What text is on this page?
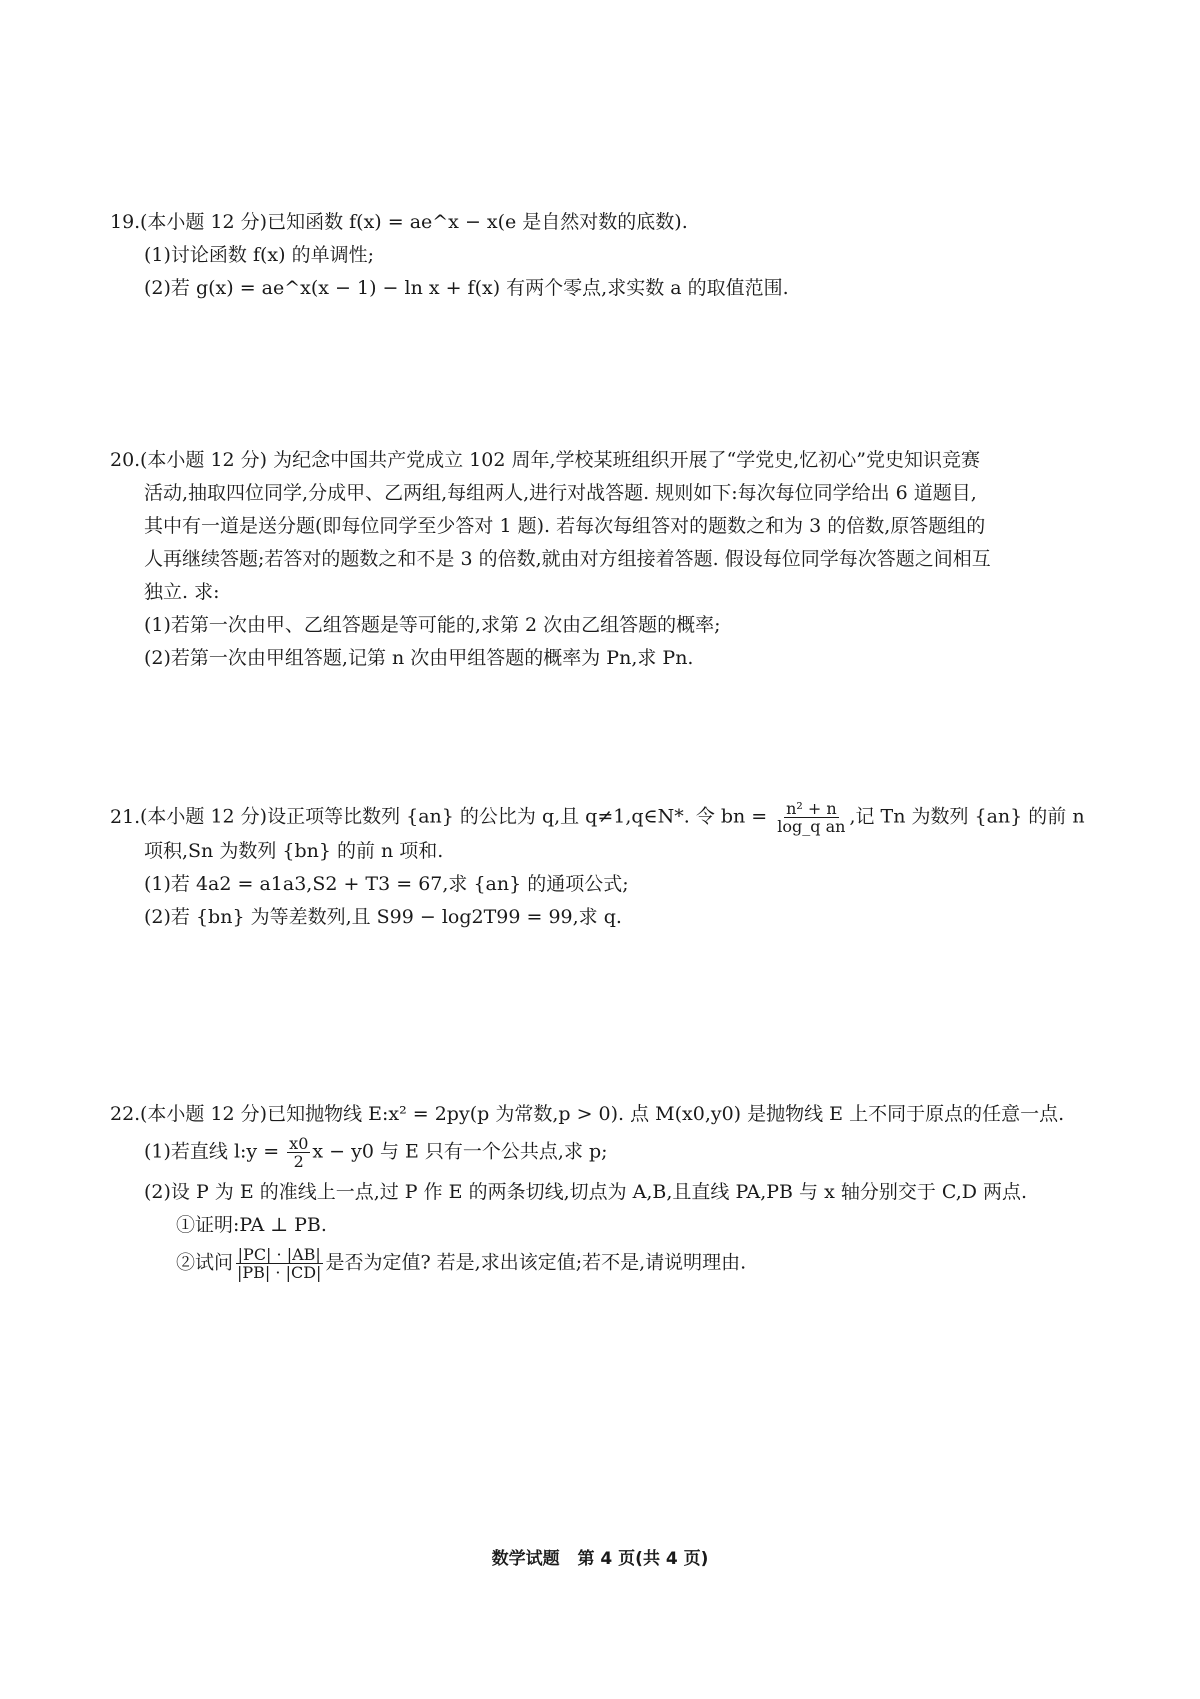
19.(本小题 12 分)已知函数 f(x) = ae^x − x(e 是自然对数的底数).

(1)讨论函数 f(x) 的单调性;

(2)若 g(x) = ae^x(x − 1) − ln x + f(x) 有两个零点,求实数 a 的取值范围.

20.(本小题 12 分) 为纪念中国共产党成立 102 周年,学校某班组织开展了“学党史,忆初心”党史知识竞赛

活动,抽取四位同学,分成甲、乙两组,每组两人,进行对战答题. 规则如下:每次每位同学给出 6 道题目,

其中有一道是送分题(即每位同学至少答对 1 题). 若每次每组答对的题数之和为 3 的倍数,原答题组的

人再继续答题;若答对的题数之和不是 3 的倍数,就由对方组接着答题. 假设每位同学每次答题之间相互

独立. 求:

(1)若第一次由甲、乙组答题是等可能的,求第 2 次由乙组答题的概率;

(2)若第一次由甲组答题,记第 n 次由甲组答题的概率为 Pn,求 Pn.

21.(本小题 12 分)设正项等比数列 {an} 的公比为 q,且 q≠1,q∈N*. 令 bn = $\frac{\text{n² + n}}{\text{log\_q an}}$ ,记 Tn 为数列 {an} 的前 n

项积,Sn 为数列 {bn} 的前 n 项和.

(1)若 4a2 = a1a3,S2 + T3 = 67,求 {an} 的通项公式;

(2)若 {bn} 为等差数列,且 S99 − log2T99 = 99,求 q.

22.(本小题 12 分)已知抛物线 E:x² = 2py(p 为常数,p > 0). 点 M(x0,y0) 是抛物线 E 上不同于原点的任意一点.

(1)若直线 l:y = $\frac{x0}{2}$ x − y0 与 E 只有一个公共点,求 p;

(2)设 P 为 E 的准线上一点,过 P 作 E 的两条切线,切点为 A,B,且直线 PA,PB 与 x 轴分别交于 C,D 两点.

①证明:PA ⊥ PB.

②试问 $\frac{|PC| \cdot |AB|}{|PB| \cdot |CD|}$ 是否为定值? 若是,求出该定值;若不是,请说明理由.

数学试题 第 4 页(共 4 页)
